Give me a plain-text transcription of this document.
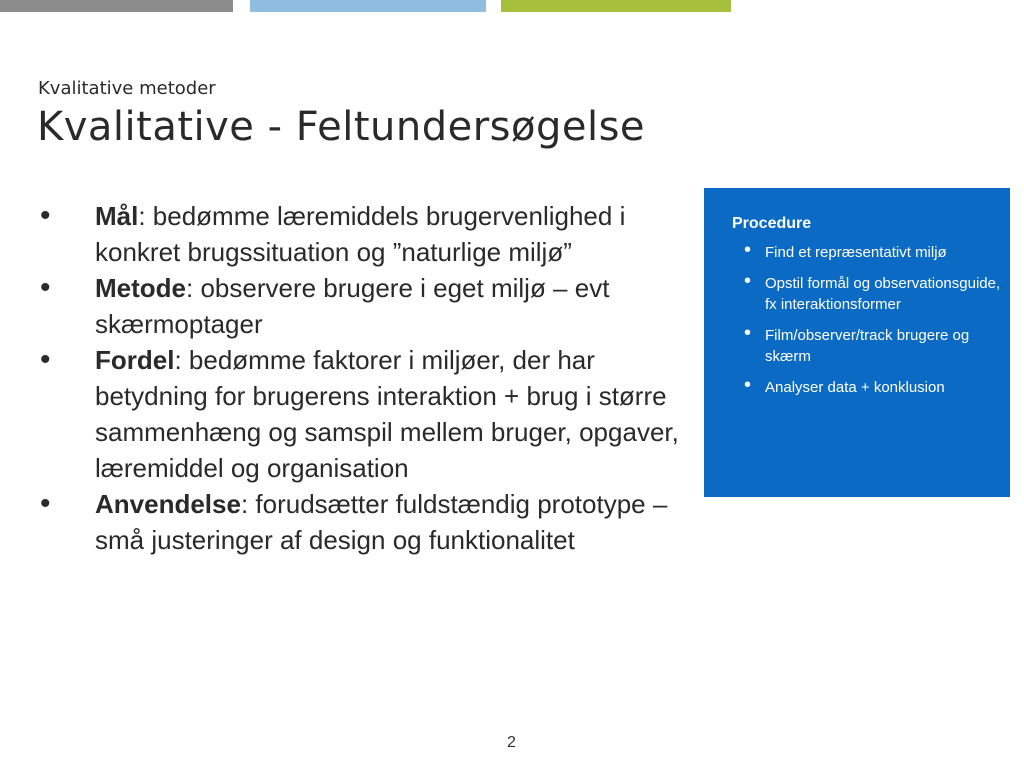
Kvalitative metoder
Kvalitative - Feltundersøgelse
• Mål: bedømme læremiddels brugervenlighed i konkret brugssituation og ”naturlige miljø”
• Metode: observere brugere i eget miljø – evt skærmoptager
• Fordel: bedømme faktorer i miljøer, der har betydning for brugerens interaktion + brug i større sammenhæng og samspil mellem bruger, opgaver, læremiddel og organisation
• Anvendelse: forudsætter fuldstændig prototype – små justeringer af design og funktionalitet
Procedure
• Find et repræsentativt miljø
• Opstil formål og observationsguide, fx interaktionsformer
• Film/observer/track brugere og skærm
• Analyser data + konklusion
2
